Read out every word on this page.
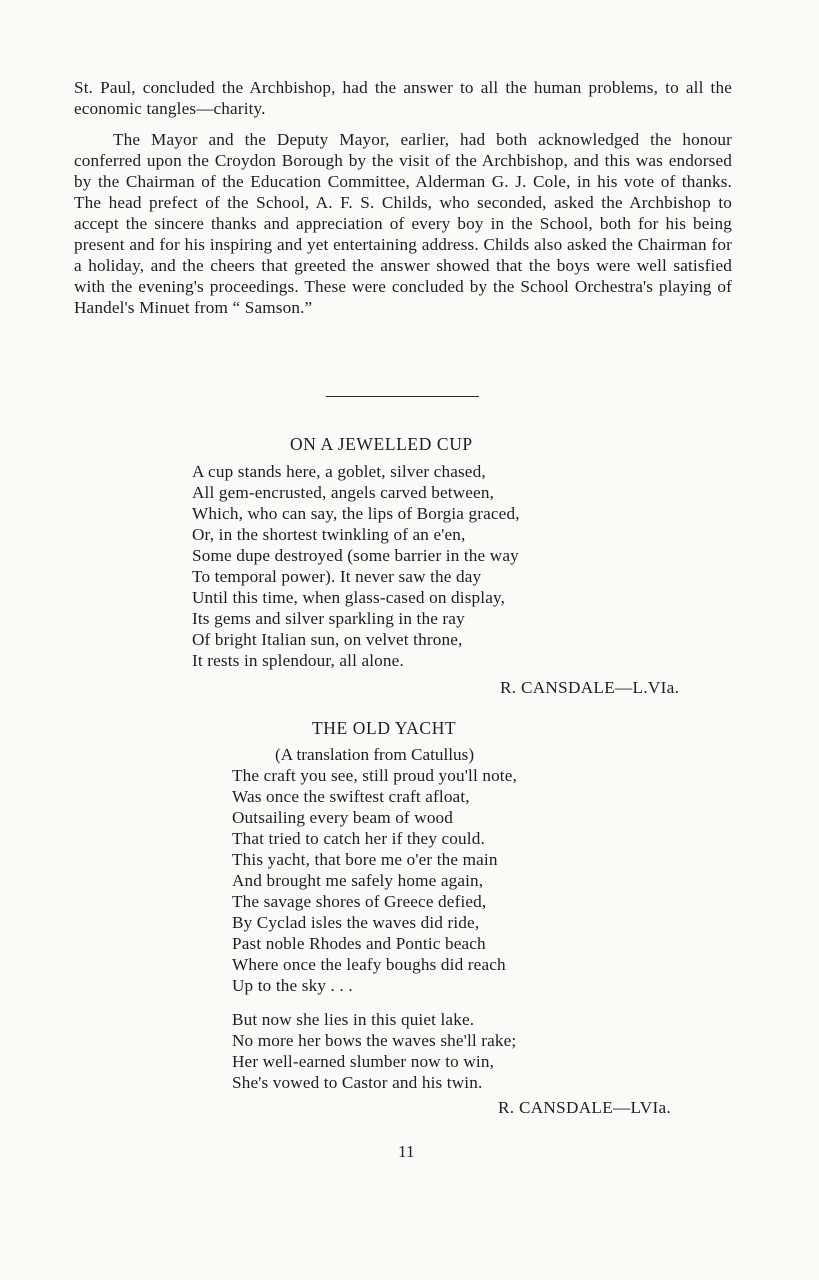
St. Paul, concluded the Archbishop, had the answer to all the human problems, to all the economic tangles—charity.

The Mayor and the Deputy Mayor, earlier, had both acknowledged the honour conferred upon the Croydon Borough by the visit of the Archbishop, and this was endorsed by the Chairman of the Education Committee, Alderman G. J. Cole, in his vote of thanks. The head prefect of the School, A. F. S. Childs, who seconded, asked the Archbishop to accept the sincere thanks and appreciation of every boy in the School, both for his being present and for his inspiring and yet entertaining address. Childs also asked the Chairman for a holiday, and the cheers that greeted the answer showed that the boys were well satisfied with the evening's proceedings. These were concluded by the School Orchestra's playing of Handel's Minuet from “ Samson.”

ON A JEWELLED CUP

A cup stands here, a goblet, silver chased,
All gem-encrusted, angels carved between,
Which, who can say, the lips of Borgia graced,
Or, in the shortest twinkling of an e'en,
Some dupe destroyed (some barrier in the way
To temporal power). It never saw the day
Until this time, when glass-cased on display,
Its gems and silver sparkling in the ray
Of bright Italian sun, on velvet throne,
It rests in splendour, all alone.

R. CANSDALE—L.VIa.

THE OLD YACHT

(A translation from Catullus)

The craft you see, still proud you'll note,
Was once the swiftest craft afloat,
Outsailing every beam of wood
That tried to catch her if they could.
This yacht, that bore me o'er the main
And brought me safely home again,
The savage shores of Greece defied,
By Cyclad isles the waves did ride,
Past noble Rhodes and Pontic beach
Where once the leafy boughs did reach
Up to the sky . . .
But now she lies in this quiet lake.
No more her bows the waves she'll rake;
Her well-earned slumber now to win,
She's vowed to Castor and his twin.

R. CANSDALE—LVIa.

11
